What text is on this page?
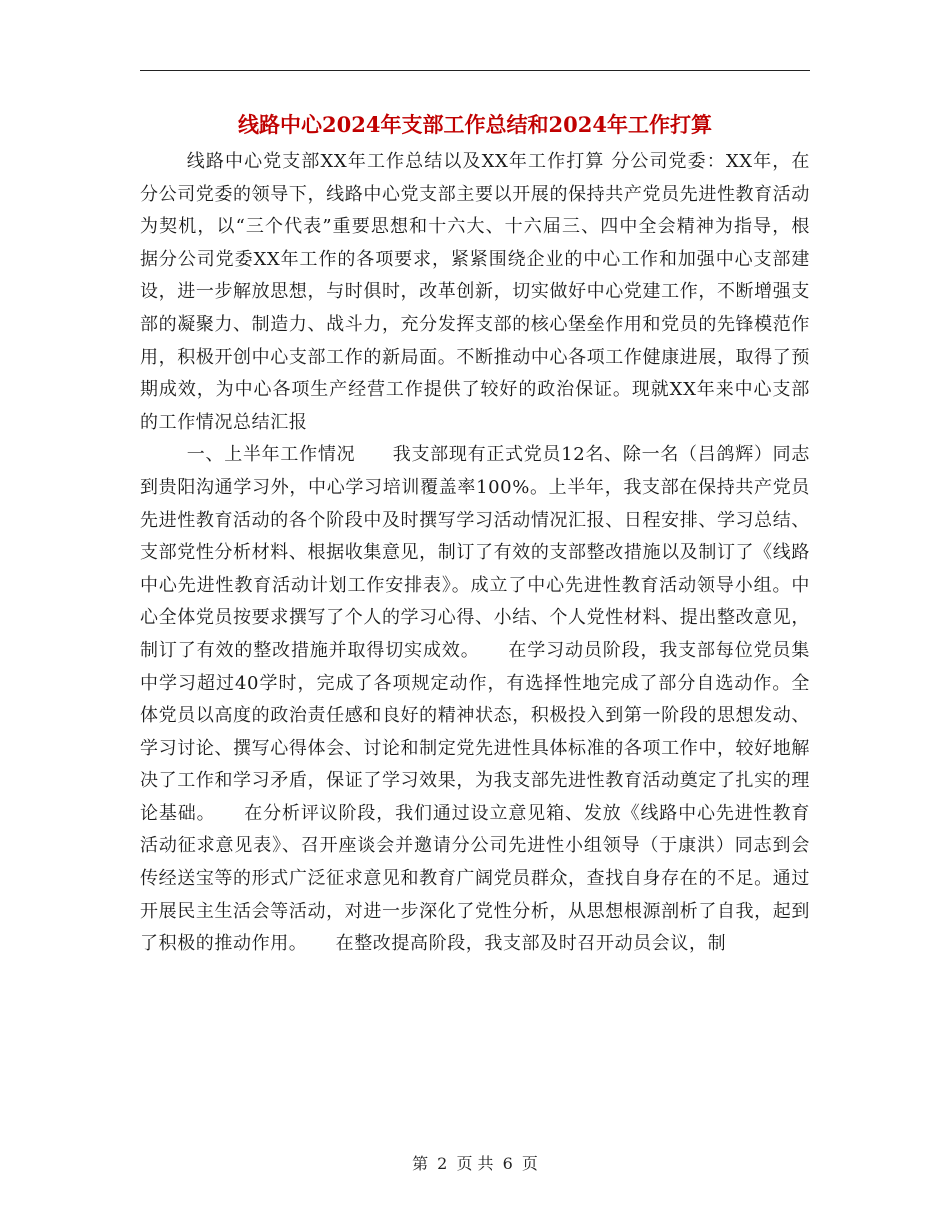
线路中心2024年支部工作总结和2024年工作打算

线路中心党支部XX年工作总结以及XX年工作打算 分公司党委：XX年，在分公司党委的领导下，线路中心党支部主要以开展的保持共产党员先进性教育活动为契机，以“三个代表”重要思想和十六大、十六届三、四中全会精神为指导，根据分公司党委XX年工作的各项要求，紧紧围绕企业的中心工作和加强中心支部建设，进一步解放思想，与时俱时，改革创新，切实做好中心党建工作，不断增强支部的凝聚力、制造力、战斗力，充分发挥支部的核心堡垒作用和党员的先锋模范作用，积极开创中心支部工作的新局面。不断推动中心各项工作健康进展，取得了预期成效，为中心各项生产经营工作提供了较好的政治保证。现就XX年来中心支部的工作情况总结汇报

一、上半年工作情况　　我支部现有正式党员12名、除一名（吕鸽辉）同志到贵阳沟通学习外，中心学习培训覆盖率100%。上半年，我支部在保持共产党员先进性教育活动的各个阶段中及时撰写学习活动情况汇报、日程安排、学习总结、支部党性分析材料、根据收集意见，制订了有效的支部整改措施以及制订了《线路中心先进性教育活动计划工作安排表》。成立了中心先进性教育活动领导小组。中心全体党员按要求撰写了个人的学习心得、小结、个人党性材料、提出整改意见，制订了有效的整改措施并取得切实成效。　　在学习动员阶段，我支部每位党员集中学习超过40学时，完成了各项规定动作，有选择性地完成了部分自选动作。全体党员以高度的政治责任感和良好的精神状态，积极投入到第一阶段的思想发动、学习讨论、撰写心得体会、讨论和制定党先进性具体标准的各项工作中，较好地解决了工作和学习矛盾，保证了学习效果，为我支部先进性教育活动奠定了扎实的理论基础。　　在分析评议阶段，我们通过设立意见箱、发放《线路中心先进性教育活动征求意见表》、召开座谈会并邀请分公司先进性小组领导（于康洪）同志到会传经送宝等的形式广泛征求意见和教育广阔党员群众，查找自身存在的不足。通过开展民主生活会等活动，对进一步深化了党性分析，从思想根源剖析了自我，起到了积极的推动作用。　　在整改提高阶段，我支部及时召开动员会议，制

第 2 页 共 6 页
